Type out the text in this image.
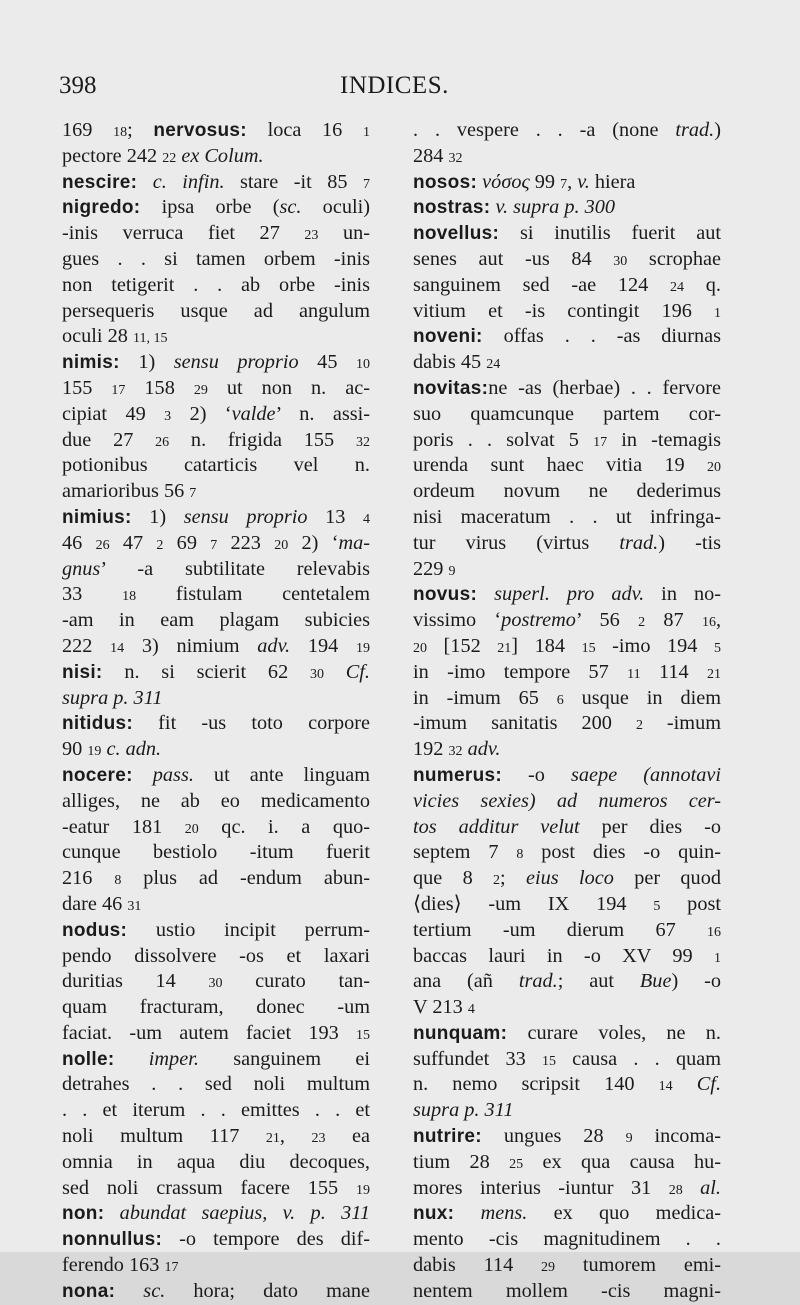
398	INDICES.
169 18; nervosus: loca 16 1
pectore 242 22 ex Colum.
nescire: c. infin. stare -it 85 7
nigredo: ipsa orbe (sc. oculi)
-inis verruca fiet 27 23 un-
gues . . si tamen orbem -inis
non tetigerit . . ab orbe -inis
persequeris usque ad angulum
oculi 28 11, 15
nimis: 1) sensu proprio 45 10
155 17 158 29 ut non n. ac-
cipiat 49 3 2) ‘valde’ n. assi-
due 27 26 n. frigida 155 32
potionibus catarticis vel n.
amarioribus 56 7
nimius: 1) sensu proprio 13 4
46 26 47 2 69 7 223 20 2) ‘ma-
gnus’ -a subtilitate relevabis
33 18 fistulam centetalem
-am in eam plagam subicies
222 14 3) nimium adv. 194 19
nisi: n. si scierit 62 30 Cf.
supra p. 311
nitidus: fit -us toto corpore
90 19 c. adn.
nocere: pass. ut ante linguam
alliges, ne ab eo medicamento
-eatur 181 20 qc. i. a quo-
cunque bestiolo -itum fuerit
216 8 plus ad -endum abun-
dare 46 31
nodus: ustio incipit perrum-
pendo dissolvere -os et laxari
duritias 14 30 curato tan-
quam fracturam, donec -um
faciat. -um autem faciet 193 15
nolle: imper. sanguinem ei
detrahes . . sed noli multum
. . et iterum . . emittes . . et
noli multum 117 21, 23 ea
omnia in aqua diu decoques,
sed noli crassum facere 155 19
non: abundat saepius, v. p. 311
nonnullus: -o tempore des dif-
ferendo 163 17
nona: sc. hora; dato mane
. . vespere . . -a (none trad.)
284 32
nosos: νόσος 99 7, v. hiera
nostras: v. supra p. 300
novellus: si inutilis fuerit aut
senes aut -us 84 30 scrophae
sanguinem sed -ae 124 24 q.
vitium et -is contingit 196 1
noveni: offas . . -as diurnas
dabis 45 24
novitas:ne -as (herbae) . . fervore
suo quamcunque partem cor-
poris . . solvat 5 17 in -temagis
urenda sunt haec vitia 19 20
ordeum novum ne dederimus
nisi maceratum . . ut infringa-
tur virus (virtus trad.) -tis
229 9
novus: superl. pro adv. in no-
vissimo ‘postremo’ 56 2 87 16,
20 [152 21] 184 15 -imo 194 5
in -imo tempore 57 11 114 21
in -imum 65 6 usque in diem
-imum sanitatis 200 2 -imum
192 32 adv.
numerus: -o saepe (annotavi
vicies sexies) ad numeros cer-
tos additur velut per dies -o
septem 7 8 post dies -o quin-
que 8 2; eius loco per quod
⟨dies⟩ -um IX 194 5 post
tertium -um dierum 67 16
baccas lauri in -o XV 99 1
ana (añ trad.; aut Bue) -o
V 213 4
nunquam: curare voles, ne n.
suffundet 33 15 causa . . quam
n. nemo scripsit 140 14 Cf.
supra p. 311
nutrire: ungues 28 9 incoma-
tium 28 25 ex qua causa hu-
mores interius -iuntur 31 28 al.
nux: mens. ex quo medica-
mento -cis magnitudinem . .
dabis 114 29 tumorem emi-
nentem mollem -cis magni-
